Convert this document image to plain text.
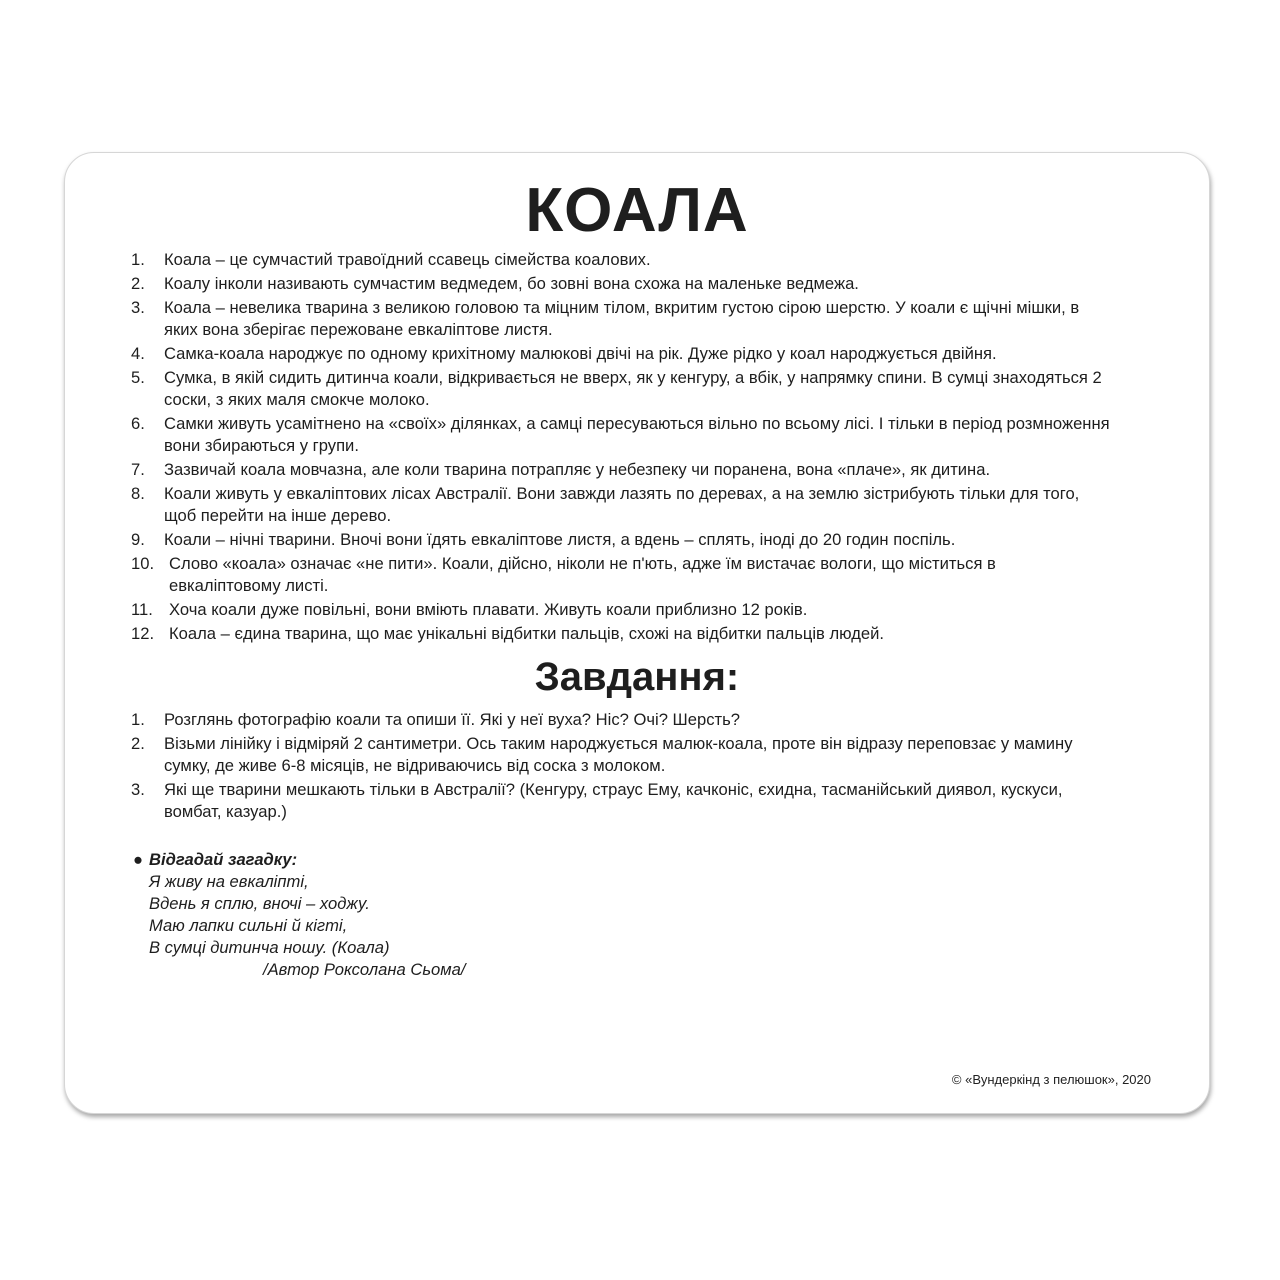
КОАЛА
1. Коала – це сумчастий травоїдний ссавець сімейства коалових.
2. Коалу інколи називають сумчастим ведмедем, бо зовні вона схожа на маленьке ведмежа.
3. Коала – невелика тварина з великою головою та міцним тілом, вкритим густою сірою шерстю. У коали є щічні мішки, в яких вона зберігає пережоване евкаліптове листя.
4. Самка-коала народжує по одному крихітному малюкові двічі на рік. Дуже рідко у коал народжується двійня.
5. Сумка, в якій сидить дитинча коали, відкривається не вверх, як у кенгуру, а вбік, у напрямку спини. В сумці знаходяться 2 соски, з яких маля смокче молоко.
6. Самки живуть усамітнено на «своїх» ділянках, а самці пересуваються вільно по всьому лісі. І тільки в період розмноження вони збираються у групи.
7. Зазвичай коала мовчазна, але коли тварина потрапляє у небезпеку чи поранена, вона «плаче», як дитина.
8. Коали живуть у евкаліптових лісах Австралії. Вони завжди лазять по деревах, а на землю зістрибують тільки для того, щоб перейти на інше дерево.
9. Коали – нічні тварини. Вночі вони їдять евкаліптове листя, а вдень – сплять, іноді до 20 годин поспіль.
10. Слово «коала» означає «не пити». Коали, дійсно, ніколи не п'ють, адже їм вистачає вологи, що міститься в евкаліптовому листі.
11. Хоча коали дуже повільні, вони вміють плавати. Живуть коали приблизно 12 років.
12. Коала – єдина тварина, що має унікальні відбитки пальців, схожі на відбитки пальців людей.
Завдання:
1. Розглянь фотографію коали та опиши її. Які у неї вуха? Ніс? Очі? Шерсть?
2. Візьми лінійку і відміряй 2 сантиметри. Ось таким народжується малюк-коала, проте він відразу переповзає у мамину сумку, де живе 6-8 місяців, не відриваючись від соска з молоком.
3. Які ще тварини мешкають тільки в Австралії? (Кенгуру, страус Ему, качконіс, єхидна, тасманійський диявол, кускуси, вомбат, казуар.)
● Відгадай загадку:
Я живу на евкаліпті,
Вдень я сплю, вночі – ходжу.
Маю лапки сильні й кігті,
В сумці дитинча ношу. (Коала)
/Автор Роксолана Сьома/
© «Вундеркінд з пелюшок», 2020
